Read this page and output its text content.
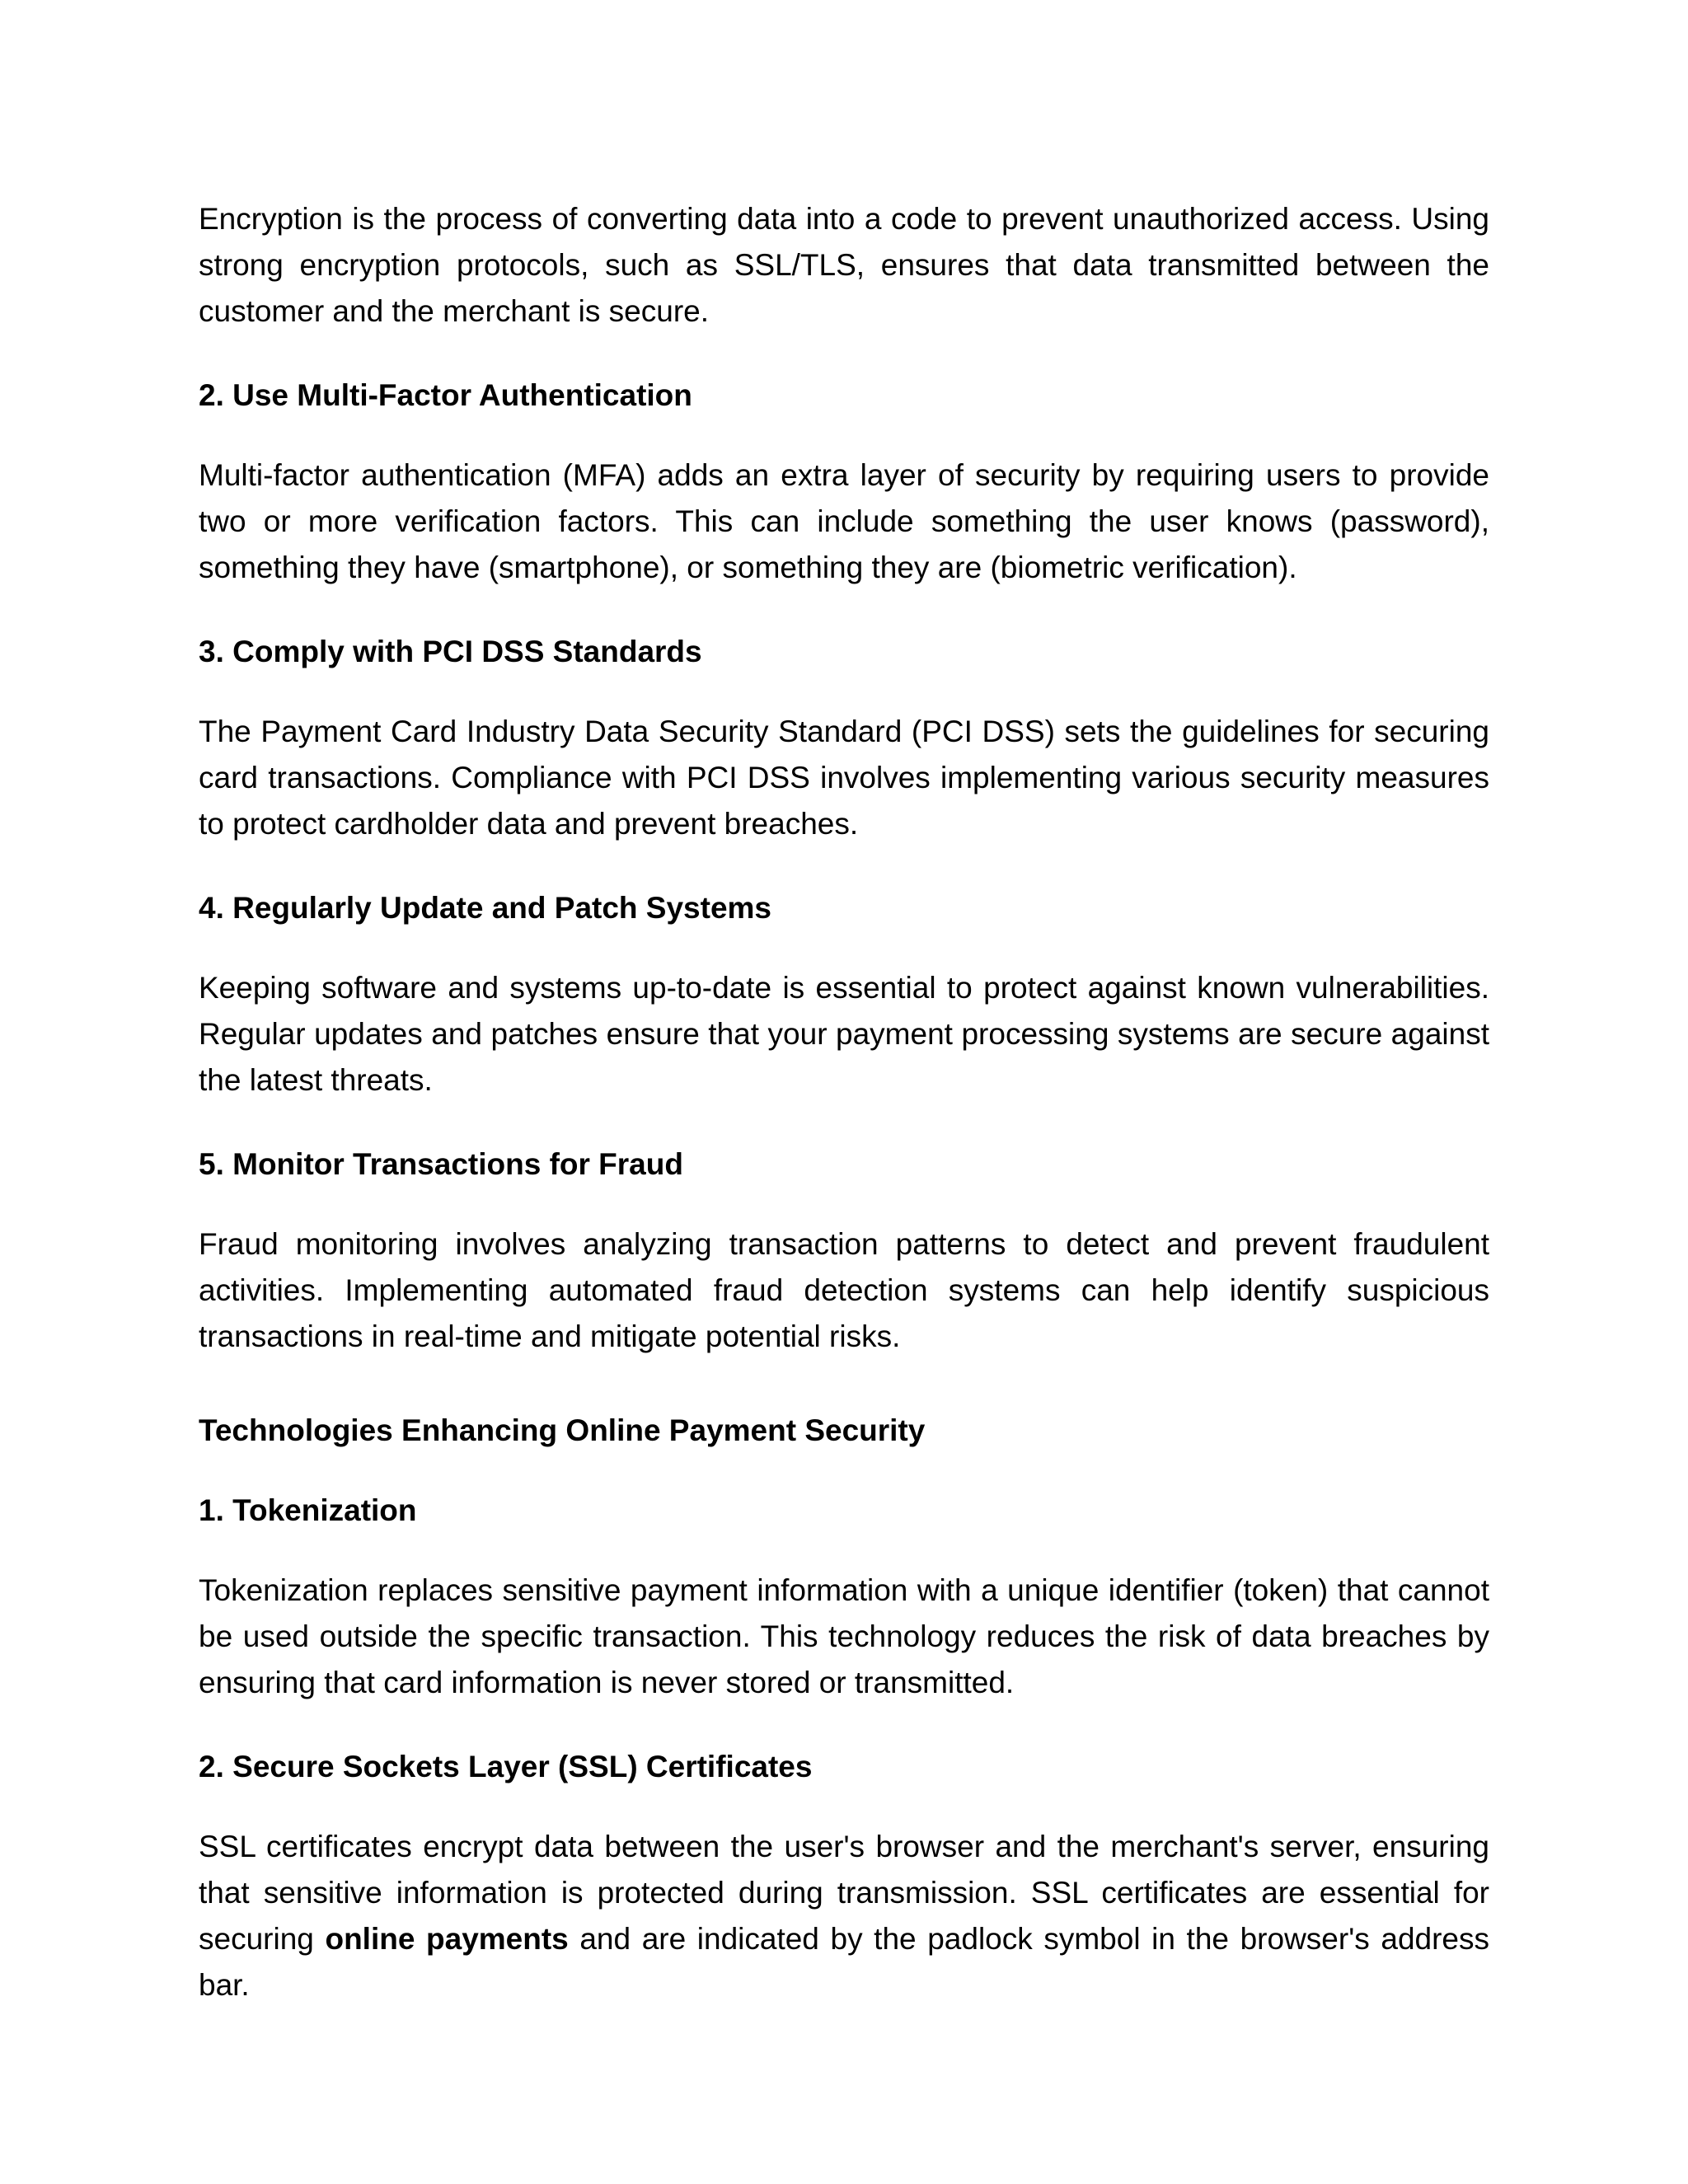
Encryption is the process of converting data into a code to prevent unauthorized access. Using strong encryption protocols, such as SSL/TLS, ensures that data transmitted between the customer and the merchant is secure.

2. Use Multi-Factor Authentication

Multi-factor authentication (MFA) adds an extra layer of security by requiring users to provide two or more verification factors. This can include something the user knows (password), something they have (smartphone), or something they are (biometric verification).

3. Comply with PCI DSS Standards

The Payment Card Industry Data Security Standard (PCI DSS) sets the guidelines for securing card transactions. Compliance with PCI DSS involves implementing various security measures to protect cardholder data and prevent breaches.

4. Regularly Update and Patch Systems

Keeping software and systems up-to-date is essential to protect against known vulnerabilities. Regular updates and patches ensure that your payment processing systems are secure against the latest threats.

5. Monitor Transactions for Fraud

Fraud monitoring involves analyzing transaction patterns to detect and prevent fraudulent activities. Implementing automated fraud detection systems can help identify suspicious transactions in real-time and mitigate potential risks.

Technologies Enhancing Online Payment Security
1. Tokenization

Tokenization replaces sensitive payment information with a unique identifier (token) that cannot be used outside the specific transaction. This technology reduces the risk of data breaches by ensuring that card information is never stored or transmitted.

2. Secure Sockets Layer (SSL) Certificates

SSL certificates encrypt data between the user's browser and the merchant's server, ensuring that sensitive information is protected during transmission. SSL certificates are essential for securing online payments and are indicated by the padlock symbol in the browser's address bar.
